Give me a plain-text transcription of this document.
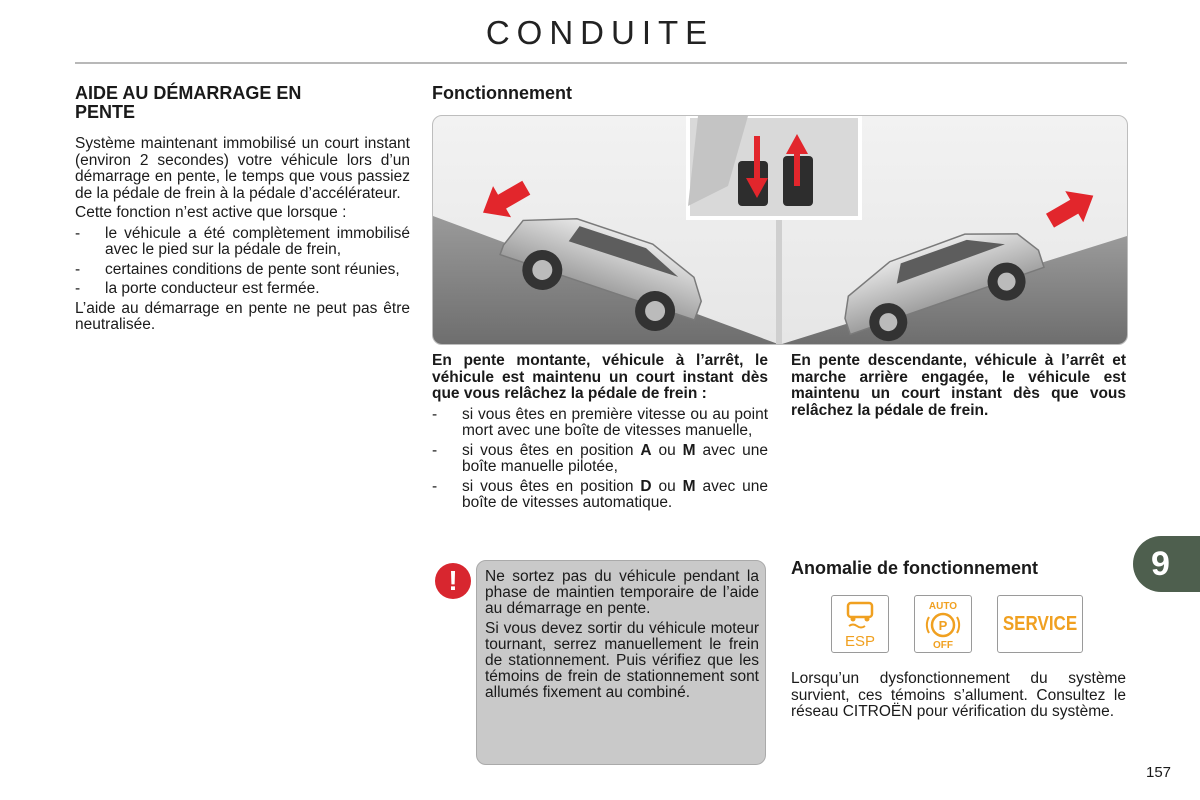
CONDUITE
AIDE AU DÉMARRAGE EN PENTE

Système maintenant immobilisé un court instant (environ 2 secondes) votre véhicule lors d’un démarrage en pente, le temps que vous passiez de la pédale de frein à la pédale d’accélérateur.

Cette fonction n’est active que lorsque :

- le véhicule a été complètement immobilisé avec le pied sur la pédale de frein,
- certaines conditions de pente sont réunies,
- la porte conducteur est fermée.

L’aide au démarrage en pente ne peut pas être neutralisée.

Fonctionnement

En pente montante, véhicule à l’arrêt, le véhicule est maintenu un court instant dès que vous relâchez la pédale de frein :

- si vous êtes en première vitesse ou au point mort avec une boîte de vitesses manuelle,
- si vous êtes en position A ou M avec une boîte manuelle pilotée,
- si vous êtes en position D ou M avec une boîte de vitesses automatique.

En pente descendante, véhicule à l’arrêt et marche arrière engagée, le véhicule est maintenu un court instant dès que vous relâchez la pédale de frein.

!	Ne sortez pas du véhicule pendant la phase de maintien temporaire de l’aide au démarrage en pente.

Si vous devez sortir du véhicule moteur tournant, serrez manuellement le frein de stationnement. Puis vérifiez que les témoins de frein de stationnement sont allumés fixement au combiné.

Anomalie de fonctionnement
ESP
AUTO
P
OFF
SERVICE

Lorsqu’un dysfonctionnement du système survient, ces témoins s’allument. Consultez le réseau CITROËN pour vérification du système.

9
157
